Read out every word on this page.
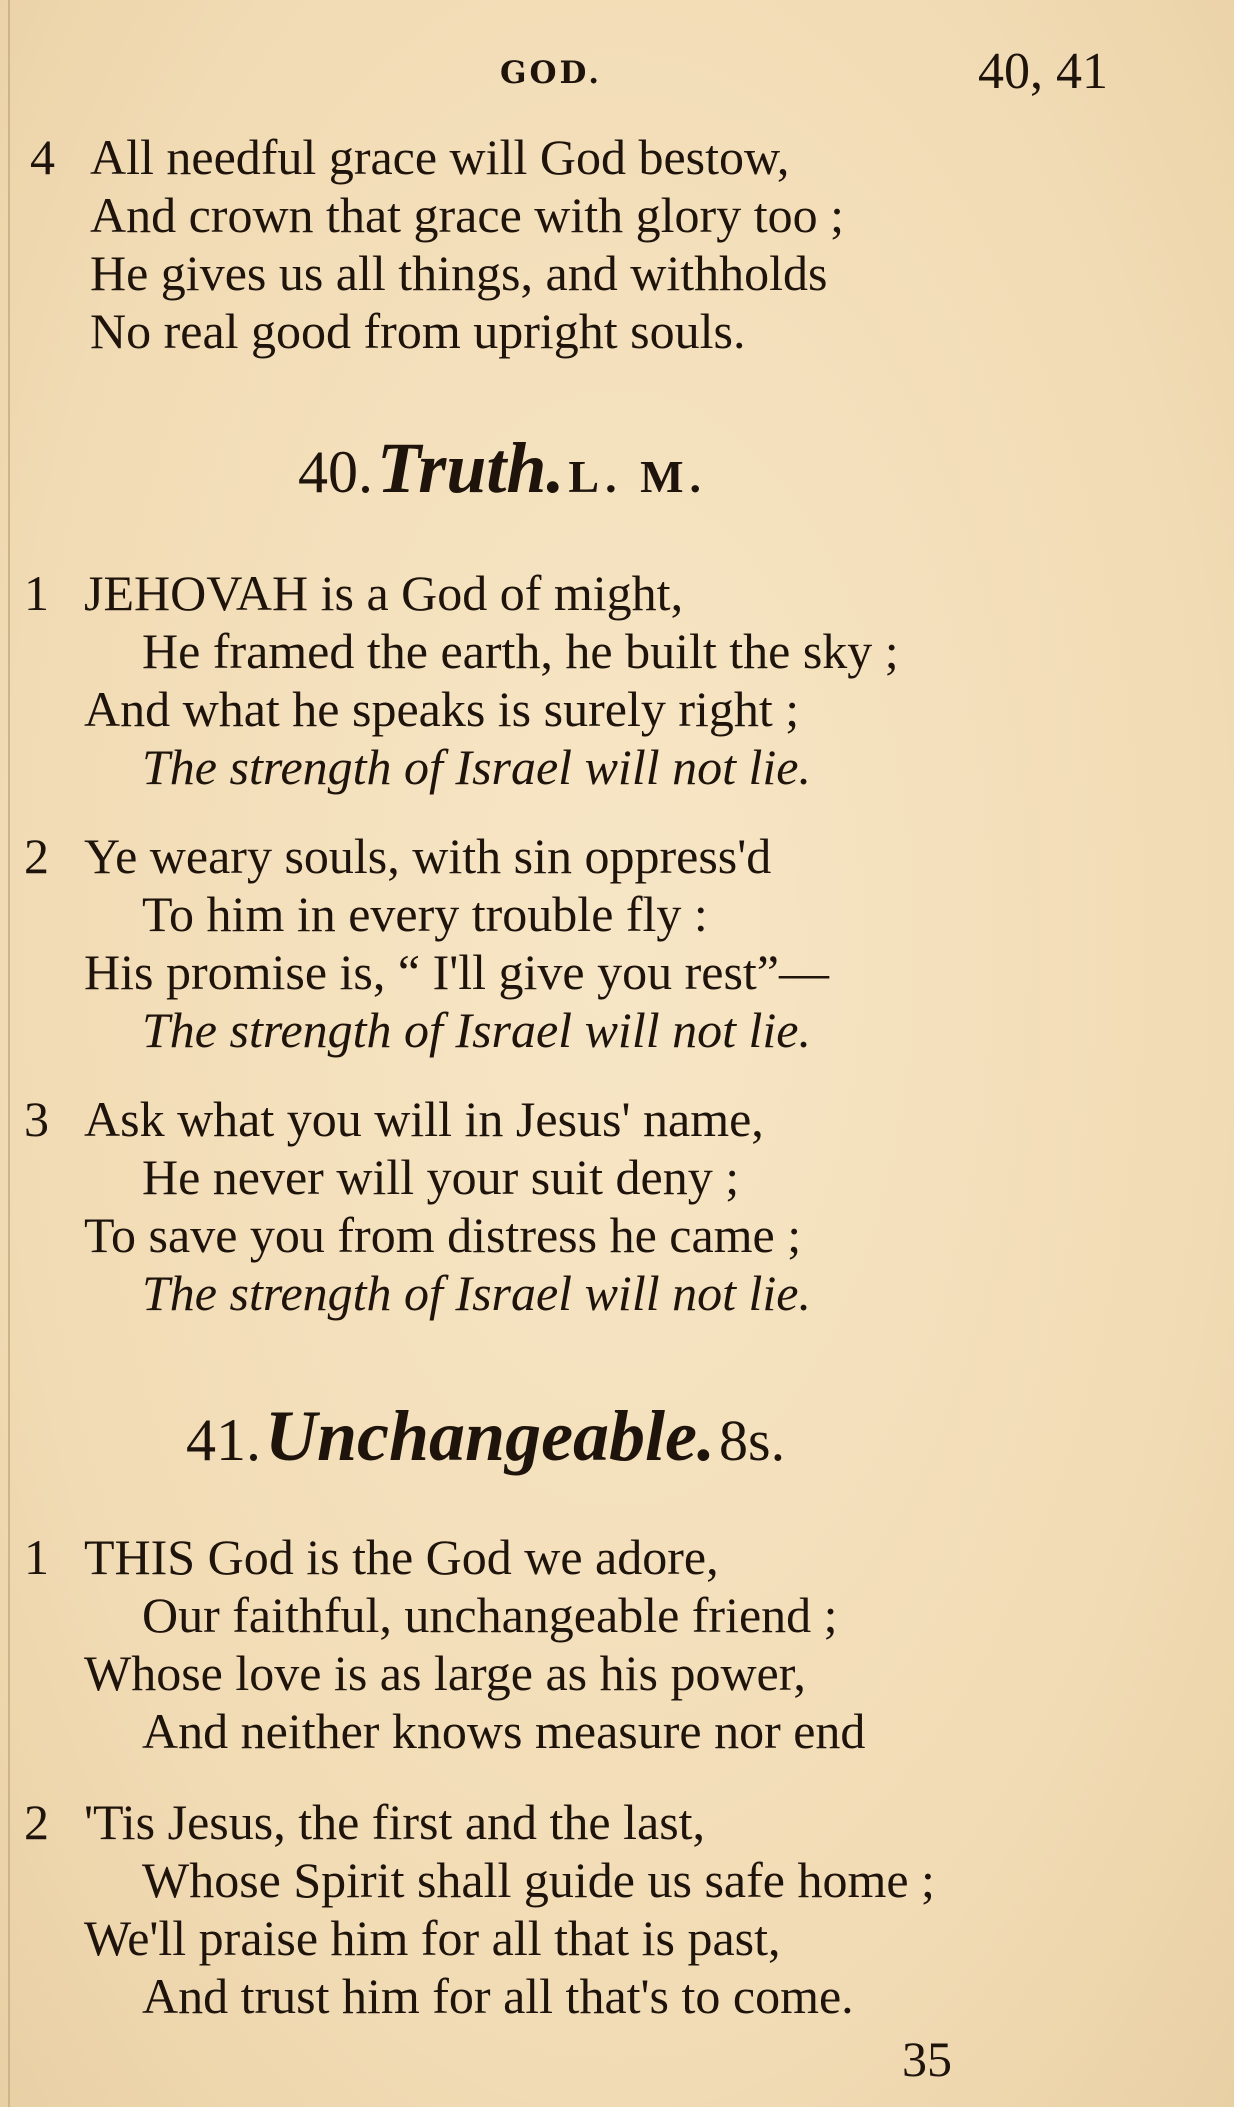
GOD.	40, 41
4 All needful grace will God bestow,
And crown that grace with glory too ;
He gives us all things, and withholds
No real good from upright souls.
40. Truth. L. M.
1 JEHOVAH is a God of might,
He framed the earth, he built the sky ;
And what he speaks is surely right ;
The strength of Israel will not lie.
2 Ye weary souls, with sin oppress'd
To him in every trouble fly :
His promise is, “ I'll give you rest”—
The strength of Israel will not lie.
3 Ask what you will in Jesus' name,
He never will your suit deny ;
To save you from distress he came ;
The strength of Israel will not lie.
41. Unchangeable. 8s.
1 THIS God is the God we adore,
Our faithful, unchangeable friend ;
Whose love is as large as his power,
And neither knows measure nor end
2 'Tis Jesus, the first and the last,
Whose Spirit shall guide us safe home ;
We'll praise him for all that is past,
And trust him for all that's to come.
35
